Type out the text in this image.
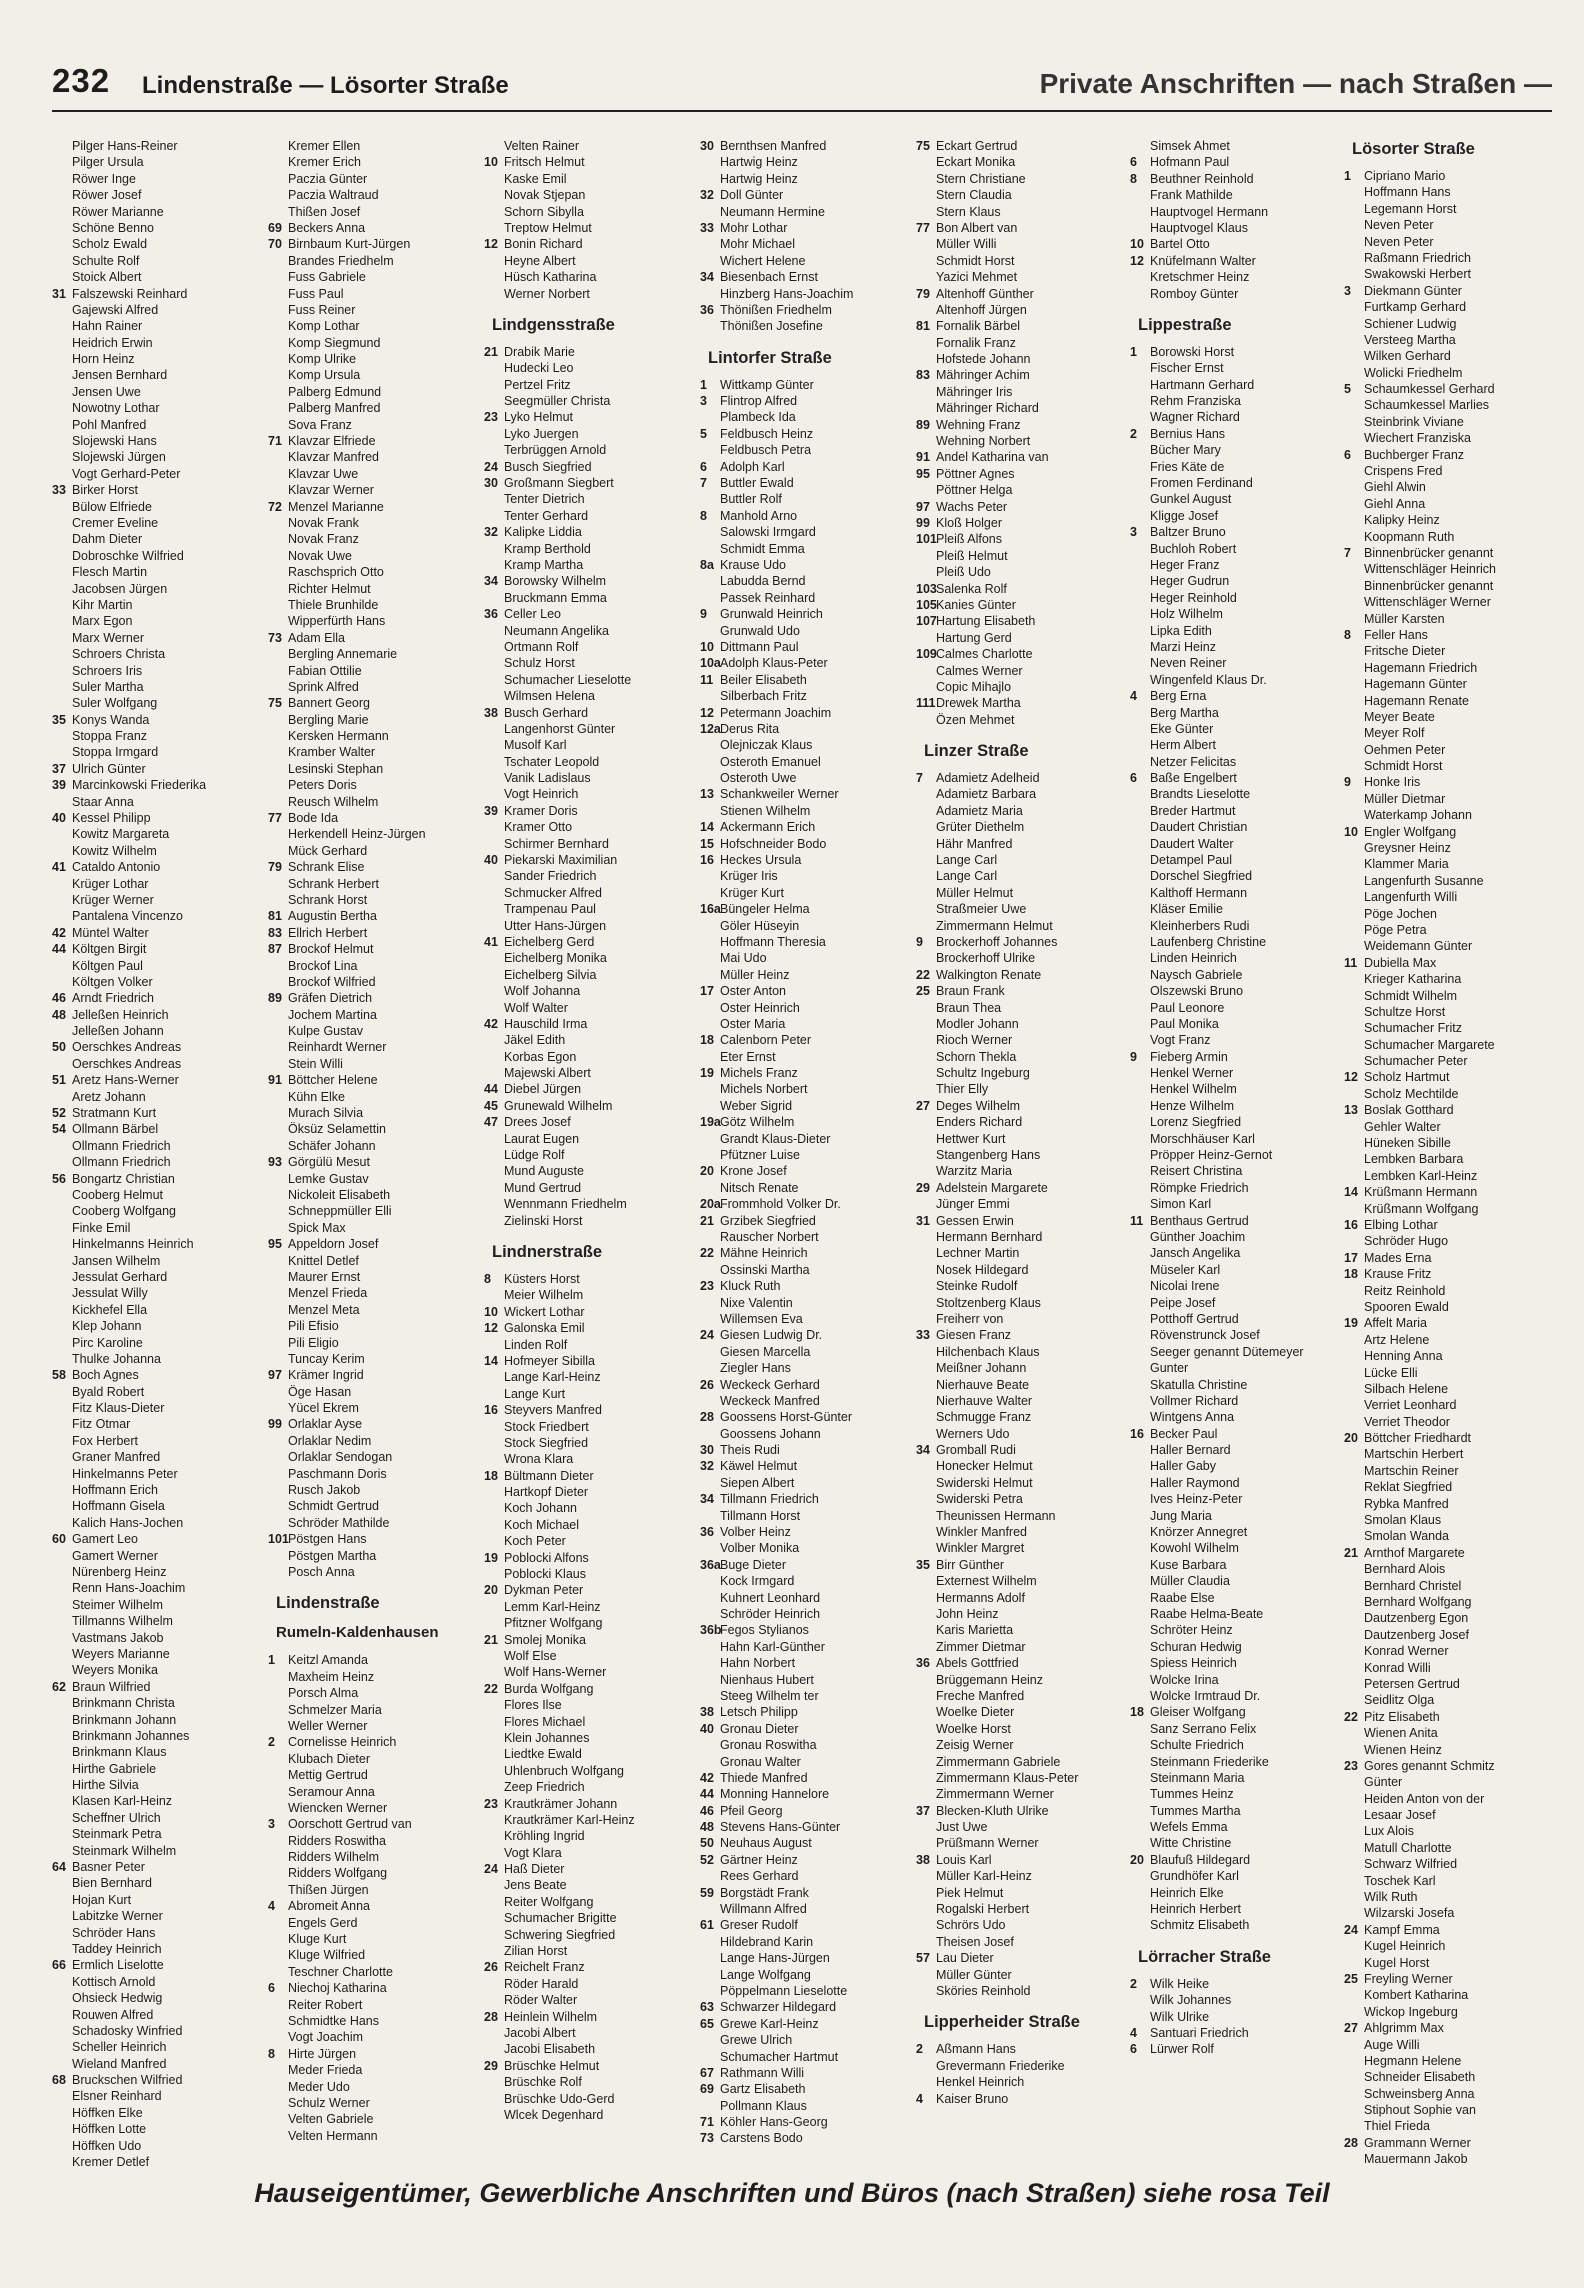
232 Lindenstraße — Lösorter Straße	Private Anschriften — nach Straßen —
Pilger Hans-Reiner
Pilger Ursula
Röwer Inge
Röwer Josef
Röwer Marianne
Schöne Benno
Scholz Ewald
Schulte Rolf
Stoick Albert
31 Falszewski Reinhard
Gajewski Alfred
Hahn Rainer
Heidrich Erwin
Horn Heinz
Jensen Bernhard
Jensen Uwe
Nowotny Lothar
Pohl Manfred
Slojewski Hans
Slojewski Jürgen
Vogt Gerhard-Peter
33 Birker Horst
Bülow Elfriede
Cremer Eveline
Dahm Dieter
Dobroschke Wilfried
Flesch Martin
Jacobsen Jürgen
Kihr Martin
Marx Egon
Marx Werner
Schroers Christa
Schroers Iris
Suler Martha
Suler Wolfgang
35 Konys Wanda
Stoppa Franz
Stoppa Irmgard
37 Ulrich Günter
39 Marcinkowski Friederika
Staar Anna
40 Kessel Philipp
Kowitz Margareta
Kowitz Wilhelm
41 Cataldo Antonio
Krüger Lothar
Krüger Werner
Pantalena Vincenzo
42 Müntel Walter
44 Költgen Birgit
Költgen Paul
Költgen Volker
46 Arndt Friedrich
48 Jelleßen Heinrich
Jelleßen Johann
50 Oerschkes Andreas
Oerschkes Andreas
51 Aretz Hans-Werner
Aretz Johann
52 Stratmann Kurt
54 Ollmann Bärbel
Ollmann Friedrich
Ollmann Friedrich
56 Bongartz Christian
Cooberg Helmut
Cooberg Wolfgang
Finke Emil
Hinkelmanns Heinrich
Jansen Wilhelm
Jessulat Gerhard
Jessulat Willy
Kickhefel Ella
Klep Johann
Pirc Karoline
Thulke Johanna
58 Boch Agnes
Byald Robert
Fitz Klaus-Dieter
Fitz Otmar
Fox Herbert
Graner Manfred
Hinkelmanns Peter
Hoffmann Erich
Hoffmann Gisela
Kalich Hans-Jochen
60 Gamert Leo
Gamert Werner
Nürenberg Heinz
Renn Hans-Joachim
Steimer Wilhelm
Tillmanns Wilhelm
Vastmans Jakob
Weyers Marianne
Weyers Monika
62 Braun Wilfried
Brinkmann Christa
Brinkmann Johann
Brinkmann Johannes
Brinkmann Klaus
Hirthe Gabriele
Hirthe Silvia
Klasen Karl-Heinz
Scheffner Ulrich
Steinmark Petra
Steinmark Wilhelm
64 Basner Peter
Bien Bernhard
Hojan Kurt
Labitzke Werner
Schröder Hans
Taddey Heinrich
66 Ermlich Liselotte
Kottisch Arnold
Ohsieck Hedwig
Rouwen Alfred
Schadosky Winfried
Scheller Heinrich
Wieland Manfred
68 Bruckschen Wilfried
Elsner Reinhard
Höffken Elke
Höffken Lotte
Höffken Udo
Kremer Detlef
Kremer Ellen
Kremer Erich
Paczia Günter
Paczia Waltraud
Thißen Josef
69 Beckers Anna
70 Birnbaum Kurt-Jürgen
Brandes Friedhelm
Fuss Gabriele
Fuss Paul
Fuss Reiner
Komp Lothar
Komp Siegmund
Komp Ulrike
Komp Ursula
Palberg Edmund
Palberg Manfred
Sova Franz
71 Klavzar Elfriede
Klavzar Manfred
Klavzar Uwe
Klavzar Werner
72 Menzel Marianne
Novak Frank
Novak Franz
Novak Uwe
Raschsprich Otto
Richter Helmut
Thiele Brunhilde
Wipperfürth Hans
73 Adam Ella
Bergling Annemarie
Fabian Ottilie
Sprink Alfred
75 Bannert Georg
Bergling Marie
Kersken Hermann
Kramber Walter
Lesinski Stephan
Peters Doris
Reusch Wilhelm
77 Bode Ida
Herkendell Heinz-Jürgen
Mück Gerhard
79 Schrank Elise
Schrank Herbert
Schrank Horst
81 Augustin Bertha
83 Ellrich Herbert
87 Brockof Helmut
Brockof Lina
Brockof Wilfried
89 Gräfen Dietrich
Jochem Martina
Kulpe Gustav
Reinhardt Werner
Stein Willi
91 Böttcher Helene
Kühn Elke
Murach Silvia
Öksüz Selamettin
Schäfer Johann
93 Görgülü Mesut
Lemke Gustav
Nickoleit Elisabeth
Schneppmüller Elli
Spick Max
95 Appeldorn Josef
Knittel Detlef
Maurer Ernst
Menzel Frieda
Menzel Meta
Pili Efisio
Pili Eligio
Tuncay Kerim
97 Krämer Ingrid
Öge Hasan
Yücel Ekrem
99 Orlaklar Ayse
Orlaklar Nedim
Orlaklar Sendogan
Paschmann Doris
Rusch Jakob
Schmidt Gertrud
Schröder Mathilde
101Pöstgen Hans
Pöstgen Martha
Posch Anna
Lindenstraße
Rumeln-Kaldenhausen
1 Keitzl Amanda
Maxheim Heinz
Porsch Alma
Schmelzer Maria
Weller Werner
2 Cornelisse Heinrich
Klubach Dieter
Mettig Gertrud
Seramour Anna
Wiencken Werner
3 Oorschott Gertrud van
Ridders Roswitha
Ridders Wilhelm
Ridders Wolfgang
Thißen Jürgen
4 Abromeit Anna
Engels Gerd
Kluge Kurt
Kluge Wilfried
Teschner Charlotte
6 Niechoj Katharina
Reiter Robert
Schmidtke Hans
Vogt Joachim
8 Hirte Jürgen
Meder Frieda
Meder Udo
Schulz Werner
Velten Gabriele
Velten Hermann
Velten Rainer
10 Fritsch Helmut
Kaske Emil
Novak Stjepan
Schorn Sibylla
Treptow Helmut
12 Bonin Richard
Heyne Albert
Hüsch Katharina
Werner Norbert
Lindgensstraße
21 Drabik Marie
Hudecki Leo
Pertzel Fritz
Seegmüller Christa
23 Lyko Helmut
Lyko Juergen
Terbrüggen Arnold
24 Busch Siegfried
30 Großmann Siegbert
Tenter Dietrich
Tenter Gerhard
32 Kalipke Liddia
Kramp Berthold
Kramp Martha
34 Borowsky Wilhelm
Bruckmann Emma
36 Celler Leo
Neumann Angelika
Ortmann Rolf
Schulz Horst
Schumacher Lieselotte
Wilmsen Helena
38 Busch Gerhard
Langenhorst Günter
Musolf Karl
Tschater Leopold
Vanik Ladislaus
Vogt Heinrich
39 Kramer Doris
Kramer Otto
Schirmer Bernhard
40 Piekarski Maximilian
Sander Friedrich
Schmucker Alfred
Trampenau Paul
Utter Hans-Jürgen
41 Eichelberg Gerd
Eichelberg Monika
Eichelberg Silvia
Wolf Johanna
Wolf Walter
42 Hauschild Irma
Jäkel Edith
Korbas Egon
Majewski Albert
44 Diebel Jürgen
45 Grunewald Wilhelm
47 Drees Josef
Laurat Eugen
Lüdge Rolf
Mund Auguste
Mund Gertrud
Wennmann Friedhelm
Zielinski Horst
Lindnerstraße
8 Küsters Horst
Meier Wilhelm
10 Wickert Lothar
12 Galonska Emil
Linden Rolf
14 Hofmeyer Sibilla
Lange Karl-Heinz
Lange Kurt
16 Steyvers Manfred
Stock Friedbert
Stock Siegfried
Wrona Klara
18 Bültmann Dieter
Hartkopf Dieter
Koch Johann
Koch Michael
Koch Peter
19 Poblocki Alfons
Poblocki Klaus
20 Dykman Peter
Lemm Karl-Heinz
Pfitzner Wolfgang
21 Smolej Monika
Wolf Else
Wolf Hans-Werner
22 Burda Wolfgang
Flores Ilse
Flores Michael
Klein Johannes
Liedtke Ewald
Uhlenbruch Wolfgang
Zeep Friedrich
23 Krautkrämer Johann
Krautkrämer Karl-Heinz
Kröhling Ingrid
Vogt Klara
24 Haß Dieter
Jens Beate
Reiter Wolfgang
Schumacher Brigitte
Schwering Siegfried
Zilian Horst
26 Reichelt Franz
Röder Harald
Röder Walter
28 Heinlein Wilhelm
Jacobi Albert
Jacobi Elisabeth
29 Brüschke Helmut
Brüschke Rolf
Brüschke Udo-Gerd
Wlcek Degenhard
30 Bernthsen Manfred
Hartwig Heinz
Hartwig Heinz
32 Doll Günter
Neumann Hermine
33 Mohr Lothar
Mohr Michael
Wichert Helene
34 Biesenbach Ernst
Hinzberg Hans-Joachim
36 Thönißen Friedhelm
Thönißen Josefine
Lintorfer Straße
1 Wittkamp Günter
3 Flintrop Alfred
Plambeck Ida
5 Feldbusch Heinz
Feldbusch Petra
6 Adolph Karl
7 Buttler Ewald
Buttler Rolf
8 Manhold Arno
Salowski Irmgard
Schmidt Emma
8a Krause Udo
Labudda Bernd
Passek Reinhard
9 Grunwald Heinrich
Grunwald Udo
10 Dittmann Paul
10aAdolph Klaus-Peter
11 Beiler Elisabeth
Silberbach Fritz
12 Petermann Joachim
12aDerus Rita
Olejniczak Klaus
Osteroth Emanuel
Osteroth Uwe
13 Schankweiler Werner
Stienen Wilhelm
14 Ackermann Erich
15 Hofschneider Bodo
16 Heckes Ursula
Krüger Iris
Krüger Kurt
16aBüngeler Helma
Göler Hüseyin
Hoffmann Theresia
Mai Udo
Müller Heinz
17 Oster Anton
Oster Heinrich
Oster Maria
18 Calenborn Peter
Eter Ernst
19 Michels Franz
Michels Norbert
Weber Sigrid
19aGötz Wilhelm
Grandt Klaus-Dieter
Pfützner Luise
20 Krone Josef
Nitsch Renate
20aFrommhold Volker Dr.
21 Grzibek Siegfried
Rauscher Norbert
22 Mähne Heinrich
Ossinski Martha
23 Kluck Ruth
Nixe Valentin
Willemsen Eva
24 Giesen Ludwig Dr.
Giesen Marcella
Ziegler Hans
26 Weckeck Gerhard
Weckeck Manfred
28 Goossens Horst-Günter
Goossens Johann
30 Theis Rudi
32 Käwel Helmut
Siepen Albert
34 Tillmann Friedrich
Tillmann Horst
36 Volber Heinz
Volber Monika
36aBuge Dieter
Kock Irmgard
Kuhnert Leonhard
Schröder Heinrich
36bFegos Stylianos
Hahn Karl-Günther
Hahn Norbert
Nienhaus Hubert
Steeg Wilhelm ter
38 Letsch Philipp
40 Gronau Dieter
Gronau Roswitha
Gronau Walter
42 Thiede Manfred
44 Monning Hannelore
46 Pfeil Georg
48 Stevens Hans-Günter
50 Neuhaus August
52 Gärtner Heinz
Rees Gerhard
59 Borgstädt Frank
Willmann Alfred
61 Greser Rudolf
Hildebrand Karin
Lange Hans-Jürgen
Lange Wolfgang
Pöppelmann Lieselotte
63 Schwarzer Hildegard
65 Grewe Karl-Heinz
Grewe Ulrich
Schumacher Hartmut
67 Rathmann Willi
69 Gartz Elisabeth
Pollmann Klaus
71 Köhler Hans-Georg
73 Carstens Bodo
75 Eckart Gertrud
Eckart Monika
Stern Christiane
Stern Claudia
Stern Klaus
77 Bon Albert van
Müller Willi
Schmidt Horst
Yazici Mehmet
79 Altenhoff Günther
Altenhoff Jürgen
81 Fornalik Bärbel
Fornalik Franz
Hofstede Johann
83 Mähringer Achim
Mähringer Iris
Mähringer Richard
89 Wehning Franz
Wehning Norbert
91 Andel Katharina van
95 Pöttner Agnes
Pöttner Helga
97 Wachs Peter
99 Kloß Holger
101Pleiß Alfons
Pleiß Helmut
Pleiß Udo
103Salenka Rolf
105Kanies Günter
107Hartung Elisabeth
Hartung Gerd
109Calmes Charlotte
Calmes Werner
Copic Mihajlo
111Drewek Martha
Özen Mehmet
Linzer Straße
7 Adamietz Adelheid
Adamietz Barbara
Adamietz Maria
Grüter Diethelm
Hähr Manfred
Lange Carl
Lange Carl
Müller Helmut
Straßmeier Uwe
Zimmermann Helmut
9 Brockerhoff Johannes
Brockerhoff Ulrike
22 Walkington Renate
25 Braun Frank
Braun Thea
Modler Johann
Rioch Werner
Schorn Thekla
Schultz Ingeburg
Thier Elly
27 Deges Wilhelm
Enders Richard
Hettwer Kurt
Stangenberg Hans
Warzitz Maria
29 Adelstein Margarete
Jünger Emmi
31 Gessen Erwin
Hermann Bernhard
Lechner Martin
Nosek Hildegard
Steinke Rudolf
Stoltzenberg Klaus
Freiherr von
33 Giesen Franz
Hilchenbach Klaus
Meißner Johann
Nierhauve Beate
Nierhauve Walter
Schmugge Franz
Werners Udo
34 Gromball Rudi
Honecker Helmut
Swiderski Helmut
Swiderski Petra
Theunissen Hermann
Winkler Manfred
Winkler Margret
35 Birr Günther
Externest Wilhelm
Hermanns Adolf
John Heinz
Karis Marietta
Zimmer Dietmar
36 Abels Gottfried
Brüggemann Heinz
Freche Manfred
Woelke Dieter
Woelke Horst
Zeisig Werner
Zimmermann Gabriele
Zimmermann Klaus-Peter
Zimmermann Werner
37 Blecken-Kluth Ulrike
Just Uwe
Prüßmann Werner
38 Louis Karl
Müller Karl-Heinz
Piek Helmut
Rogalski Herbert
Schrörs Udo
Theisen Josef
57 Lau Dieter
Müller Günter
Sköries Reinhold
Lipperheider Straße
2 Aßmann Hans
Grevermann Friederike
Henkel Heinrich
4 Kaiser Bruno
Simsek Ahmet
6 Hofmann Paul
8 Beuthner Reinhold
Frank Mathilde
Hauptvogel Hermann
Hauptvogel Klaus
10 Bartel Otto
12 Knüfelmann Walter
Kretschmer Heinz
Romboy Günter
Lippestraße
1 Borowski Horst
Fischer Ernst
Hartmann Gerhard
Rehm Franziska
Wagner Richard
2 Bernius Hans
Bücher Mary
Fries Käte de
Fromen Ferdinand
Gunkel August
Kligge Josef
3 Baltzer Bruno
Buchloh Robert
Heger Franz
Heger Gudrun
Heger Reinhold
Holz Wilhelm
Lipka Edith
Marzi Heinz
Neven Reiner
Wingenfeld Klaus Dr.
4 Berg Erna
Berg Martha
Eke Günter
Herm Albert
Netzer Felicitas
6 Baße Engelbert
Brandts Lieselotte
Breder Hartmut
Daudert Christian
Daudert Walter
Detampel Paul
Dorschel Siegfried
Kalthoff Hermann
Kläser Emilie
Kleinherbers Rudi
Laufenberg Christine
Linden Heinrich
Naysch Gabriele
Olszewski Bruno
Paul Leonore
Paul Monika
Vogt Franz
9 Fieberg Armin
Henkel Werner
Henkel Wilhelm
Henze Wilhelm
Lorenz Siegfried
Morschhäuser Karl
Pröpper Heinz-Gernot
Reisert Christina
Römpke Friedrich
Simon Karl
11 Benthaus Gertrud
Günther Joachim
Jansch Angelika
Müseler Karl
Nicolai Irene
Peipe Josef
Potthoff Gertrud
Rövenstrunck Josef
Seeger genannt Dütemeyer
Gunter
Skatulla Christine
Vollmer Richard
Wintgens Anna
16 Becker Paul
Haller Bernard
Haller Gaby
Haller Raymond
Ives Heinz-Peter
Jung Maria
Knörzer Annegret
Kowohl Wilhelm
Kuse Barbara
Müller Claudia
Raabe Else
Raabe Helma-Beate
Schröter Heinz
Schuran Hedwig
Spiess Heinrich
Wolcke Irina
Wolcke Irmtraud Dr.
18 Gleiser Wolfgang
Sanz Serrano Felix
Schulte Friedrich
Steinmann Friederike
Steinmann Maria
Tummes Heinz
Tummes Martha
Wefels Emma
Witte Christine
20 Blaufuß Hildegard
Grundhöfer Karl
Heinrich Elke
Heinrich Herbert
Schmitz Elisabeth
Lörracher Straße
2 Wilk Heike
Wilk Johannes
Wilk Ulrike
4 Santuari Friedrich
6 Lürwer Rolf
Lösorter Straße
1 Cipriano Mario
Hoffmann Hans
Legemann Horst
Neven Peter
Neven Peter
Raßmann Friedrich
Swakowski Herbert
3 Diekmann Günter
Furtkamp Gerhard
Schiener Ludwig
Versteeg Martha
Wilken Gerhard
Wolicki Friedhelm
5 Schaumkessel Gerhard
Schaumkessel Marlies
Steinbrink Viviane
Wiechert Franziska
6 Buchberger Franz
Crispens Fred
Giehl Alwin
Giehl Anna
Kalipky Heinz
Koopmann Ruth
7 Binnenbrücker genannt
Wittenschläger Heinrich
Binnenbrücker genannt
Wittenschläger Werner
Müller Karsten
8 Feller Hans
Fritsche Dieter
Hagemann Friedrich
Hagemann Günter
Hagemann Renate
Meyer Beate
Meyer Rolf
Oehmen Peter
Schmidt Horst
9 Honke Iris
Müller Dietmar
Waterkamp Johann
10 Engler Wolfgang
Greysner Heinz
Klammer Maria
Langenfurth Susanne
Langenfurth Willi
Pöge Jochen
Pöge Petra
Weidemann Günter
11 Dubiella Max
Krieger Katharina
Schmidt Wilhelm
Schultze Horst
Schumacher Fritz
Schumacher Margarete
Schumacher Peter
12 Scholz Hartmut
Scholz Mechtilde
13 Boslak Gotthard
Gehler Walter
Hüneken Sibille
Lembken Barbara
Lembken Karl-Heinz
14 Krüßmann Hermann
Krüßmann Wolfgang
16 Elbing Lothar
Schröder Hugo
17 Mades Erna
18 Krause Fritz
Reitz Reinhold
Spooren Ewald
19 Affelt Maria
Artz Helene
Henning Anna
Lücke Elli
Silbach Helene
Verriet Leonhard
Verriet Theodor
20 Böttcher Friedhardt
Martschin Herbert
Martschin Reiner
Reklat Siegfried
Rybka Manfred
Smolan Klaus
Smolan Wanda
21 Arnthof Margarete
Bernhard Alois
Bernhard Christel
Bernhard Wolfgang
Dautzenberg Egon
Dautzenberg Josef
Konrad Werner
Konrad Willi
Petersen Gertrud
Seidlitz Olga
22 Pitz Elisabeth
Wienen Anita
Wienen Heinz
23 Gores genannt Schmitz
Günter
Heiden Anton von der
Lesaar Josef
Lux Alois
Matull Charlotte
Schwarz Wilfried
Toschek Karl
Wilk Ruth
Wilzarski Josefa
24 Kampf Emma
Kugel Heinrich
Kugel Horst
25 Freyling Werner
Kombert Katharina
Wickop Ingeburg
27 Ahlgrimm Max
Auge Willi
Hegmann Helene
Schneider Elisabeth
Schweinsberg Anna
Stiphout Sophie van
Thiel Frieda
28 Grammann Werner
Mauermann Jakob
Hauseigentümer, Gewerbliche Anschriften und Büros (nach Straßen) siehe rosa Teil
